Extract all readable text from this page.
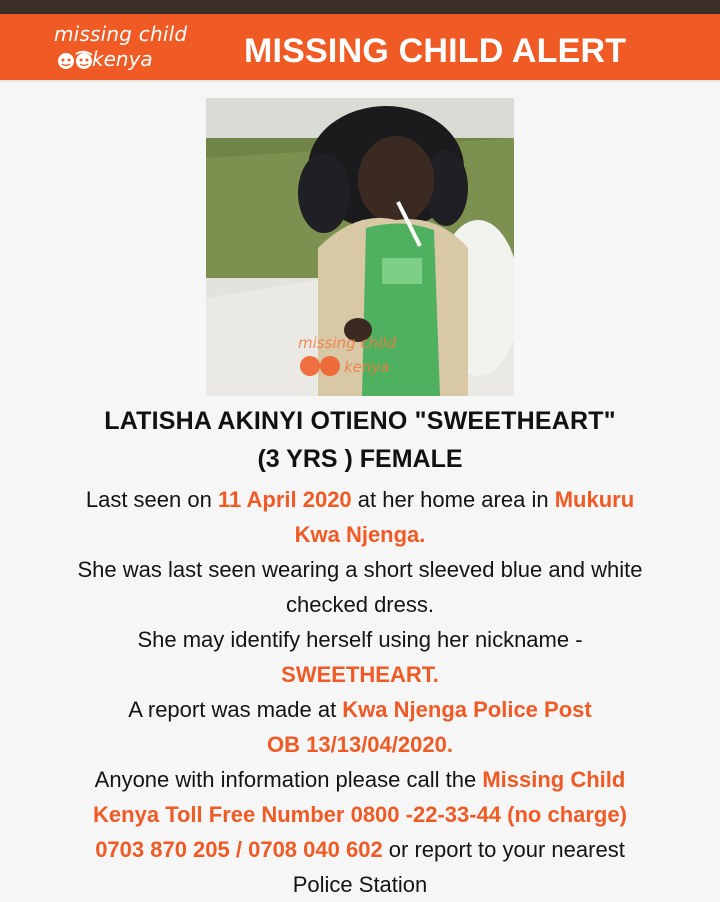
missing child
kenya	MISSING CHILD ALERT
missing child
kenya
LATISHA AKINYI OTIENO "SWEETHEART"
(3 YRS ) FEMALE
Last seen on 11 April 2020 at her home area in Mukuru
Kwa Njenga.
She was last seen wearing a short sleeved blue and white
checked dress.
She may identify herself using her nickname -
SWEETHEART.
A report was made at Kwa Njenga Police Post
OB 13/13/04/2020.
Anyone with information please call the Missing Child
Kenya Toll Free Number 0800 -22-33-44 (no charge)
0703 870 205 / 0708 040 602 or report to your nearest
Police Station
